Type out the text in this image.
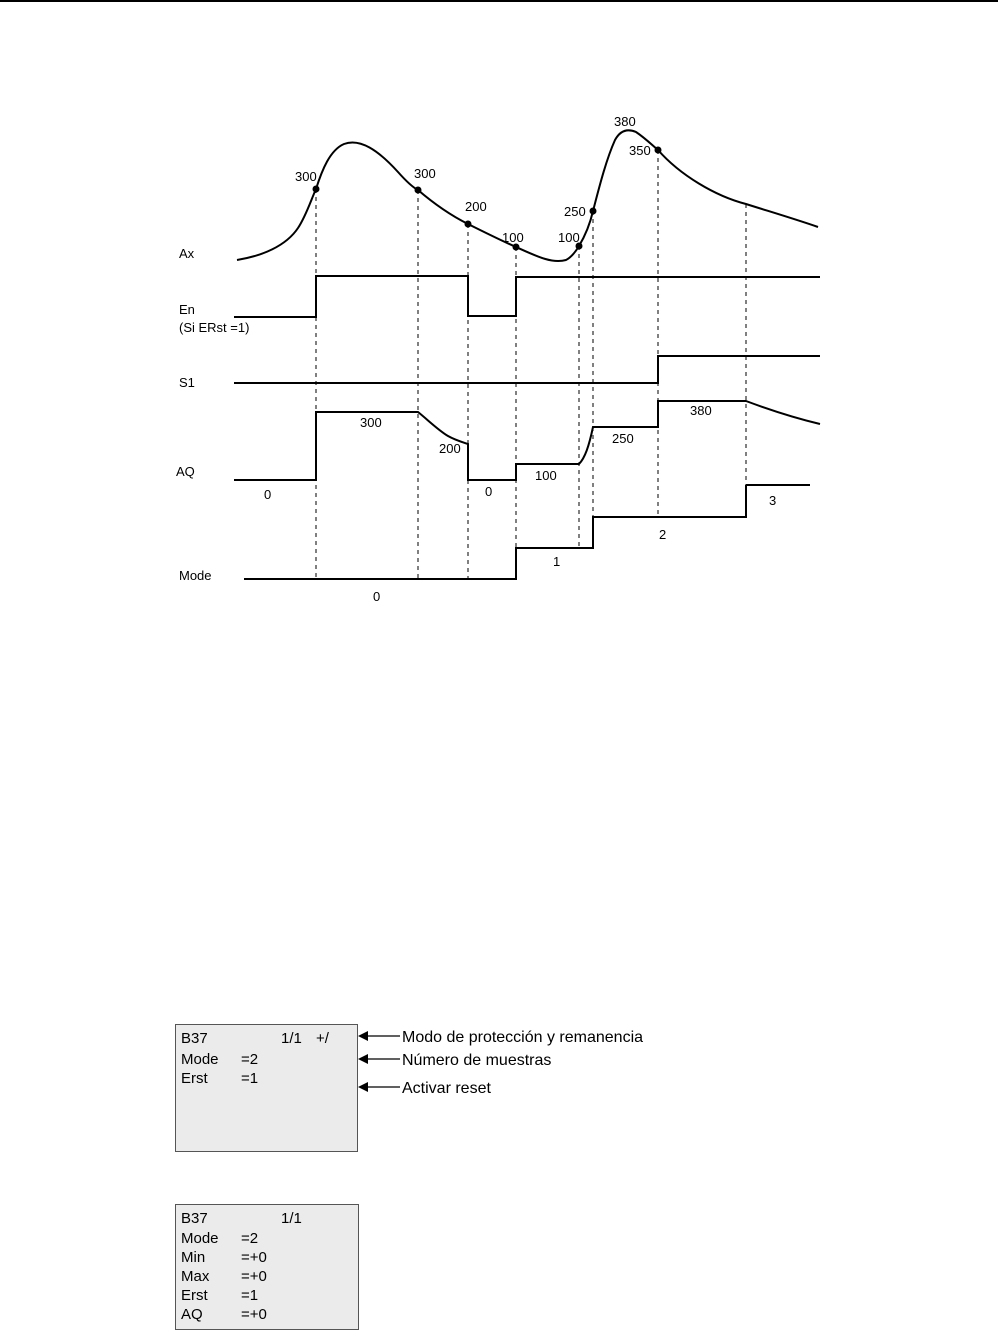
Ax
En
(Si ERst =1)
S1
AQ
Mode
300	300
200
100	100
250
380
350
0
300
200
0
100
250
380
0
1
2
3
B37	1/1 +/
Mode =2
Erst =1
Modo de protección y remanencia
Número de muestras
Activar reset
B37	1/1
Mode =2
Min =+0
Max =+0
Erst =1
AQ	=+0
